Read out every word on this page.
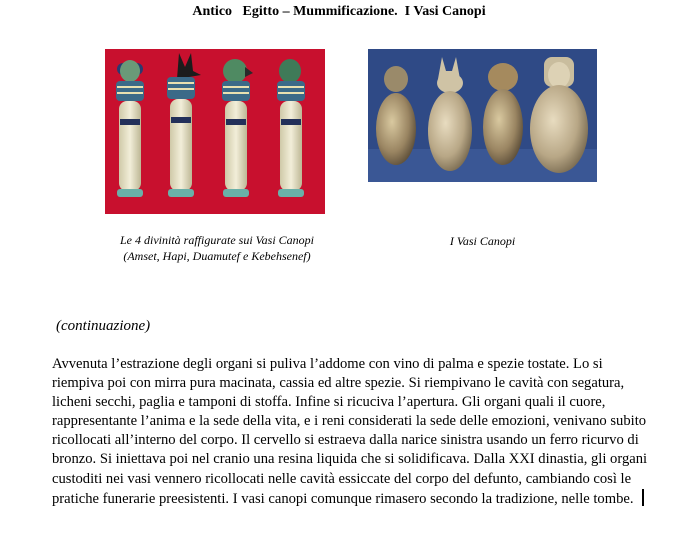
Antico   Egitto – Mummificazione.  I Vasi Canopi
Le 4 divinità raffigurate sui Vasi Canopi (Amset, Hapi, Duamutef e Kebehsenef)
I Vasi Canopi
(continuazione)
Avvenuta l’estrazione degli organi si puliva l’addome con vino di palma e spezie tostate. Lo si riempiva poi con mirra pura macinata, cassia ed altre spezie. Si riempivano le cavità con segatura, licheni secchi, paglia e tamponi di stoffa. Infine si ricuciva l’apertura. Gli organi quali il cuore, rappresentante l’anima e la sede della vita, e i reni considerati la sede delle emozioni, venivano subito ricollocati all’interno del corpo. Il cervello si estraeva dalla narice sinistra usando un ferro ricurvo di bronzo. Si iniettava poi nel cranio una resina liquida che si solidificava. Dalla XXI dinastia, gli organi custoditi nei vasi vennero ricollocati nelle cavità essiccate del corpo del defunto, cambiando così le pratiche funerarie preesistenti. I vasi canopi comunque rimasero secondo la tradizione, nelle tombe.
